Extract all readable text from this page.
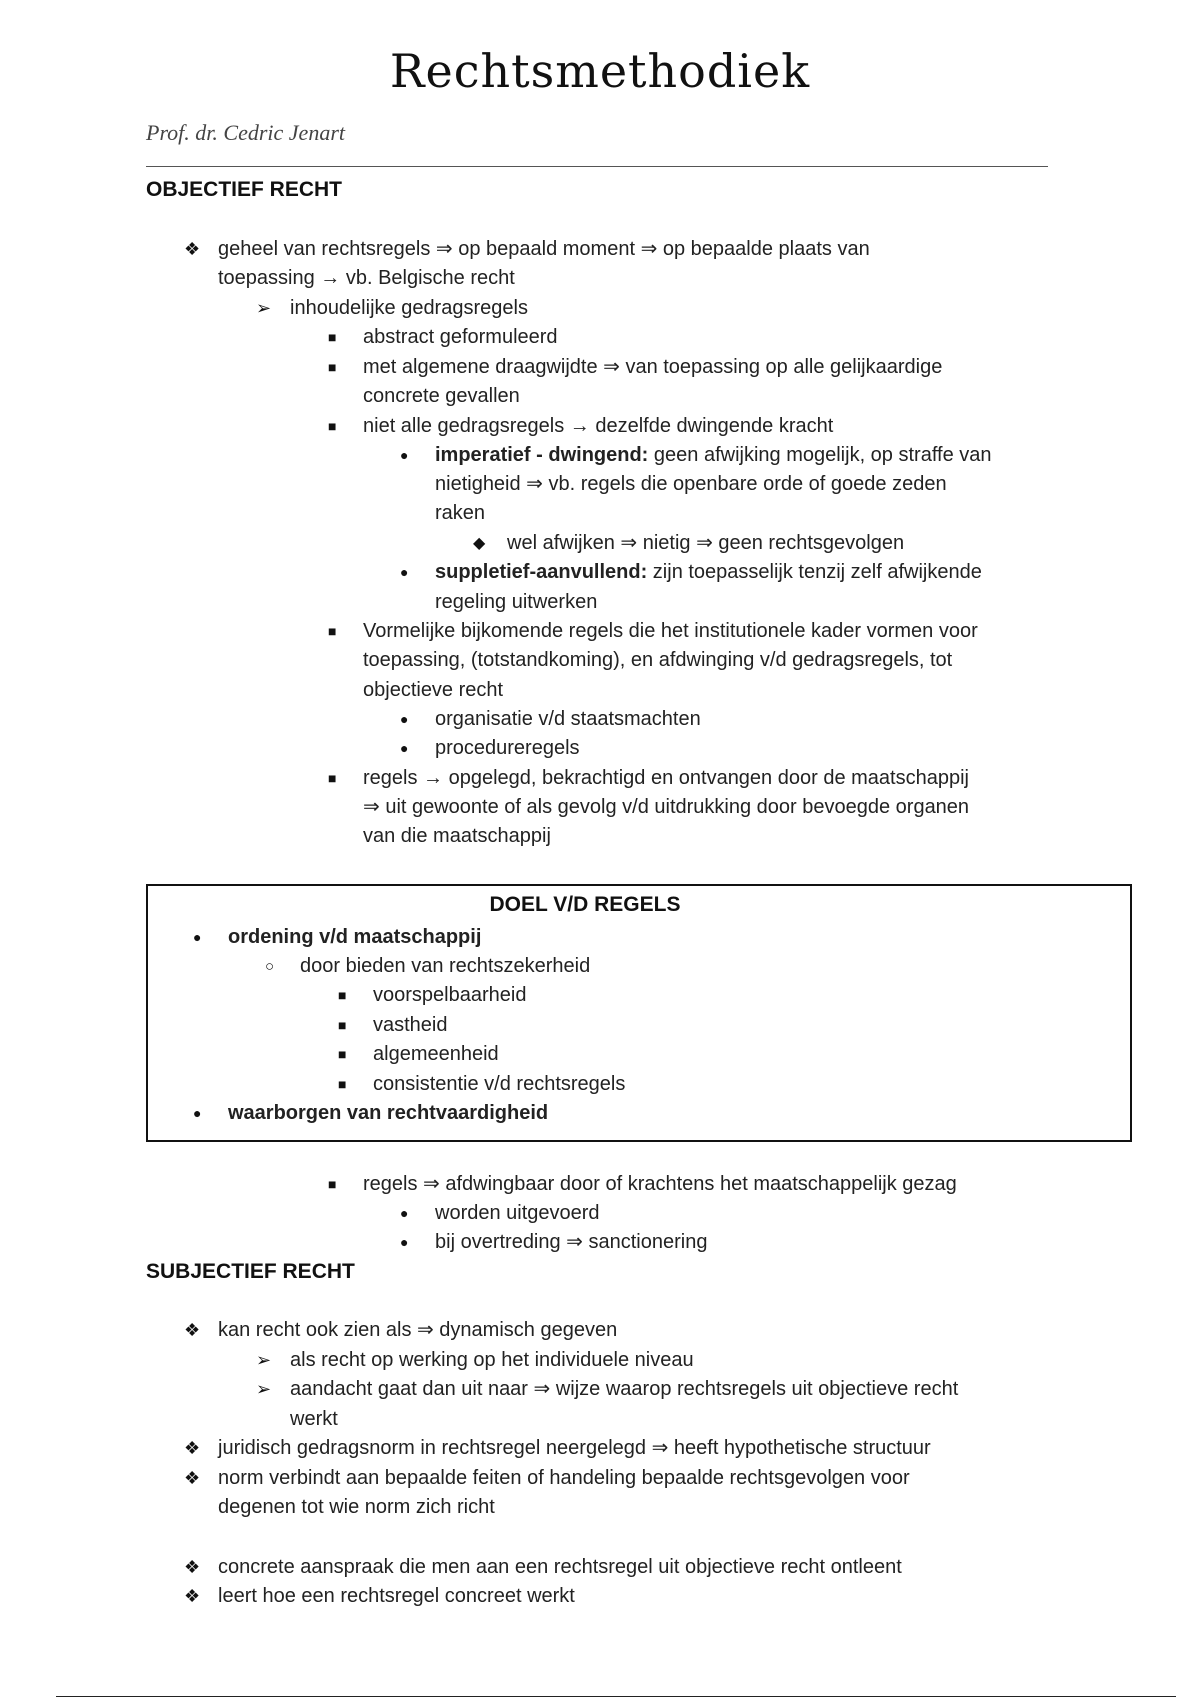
Rechtsmethodiek
Prof. dr. Cedric Jenart
OBJECTIEF RECHT
❖ geheel van rechtsregels ⇒ op bepaald moment ⇒ op bepaalde plaats van
toepassing → vb. Belgische recht
➢ inhoudelijke gedragsregels
■ abstract geformuleerd
■ met algemene draagwijdte ⇒ van toepassing op alle gelijkaardige
concrete gevallen
■ niet alle gedragsregels → dezelfde dwingende kracht
● imperatief - dwingend: geen afwijking mogelijk, op straffe van
nietigheid ⇒ vb. regels die openbare orde of goede zeden
raken
◆ wel afwijken ⇒ nietig ⇒ geen rechtsgevolgen
● suppletief-aanvullend: zijn toepasselijk tenzij zelf afwijkende
regeling uitwerken
■ Vormelijke bijkomende regels die het institutionele kader vormen voor
toepassing, (totstandkoming), en afdwinging v/d gedragsregels, tot
objectieve recht
● organisatie v/d staatsmachten
● procedureregels
■ regels → opgelegd, bekrachtigd en ontvangen door de maatschappij
⇒ uit gewoonte of als gevolg v/d uitdrukking door bevoegde organen
van die maatschappij
DOEL V/D REGELS
● ordening v/d maatschappij
○ door bieden van rechtszekerheid
■ voorspelbaarheid
■ vastheid
■ algemeenheid
■ consistentie v/d rechtsregels
● waarborgen van rechtvaardigheid
■ regels ⇒ afdwingbaar door of krachtens het maatschappelijk gezag
● worden uitgevoerd
● bij overtreding ⇒ sanctionering
SUBJECTIEF RECHT
❖ kan recht ook zien als ⇒ dynamisch gegeven
➢ als recht op werking op het individuele niveau
➢ aandacht gaat dan uit naar ⇒ wijze waarop rechtsregels uit objectieve recht
werkt
❖ juridisch gedragsnorm in rechtsregel neergelegd ⇒ heeft hypothetische structuur
❖ norm verbindt aan bepaalde feiten of handeling bepaalde rechtsgevolgen voor
degenen tot wie norm zich richt
❖ concrete aanspraak die men aan een rechtsregel uit objectieve recht ontleent
❖ leert hoe een rechtsregel concreet werkt
